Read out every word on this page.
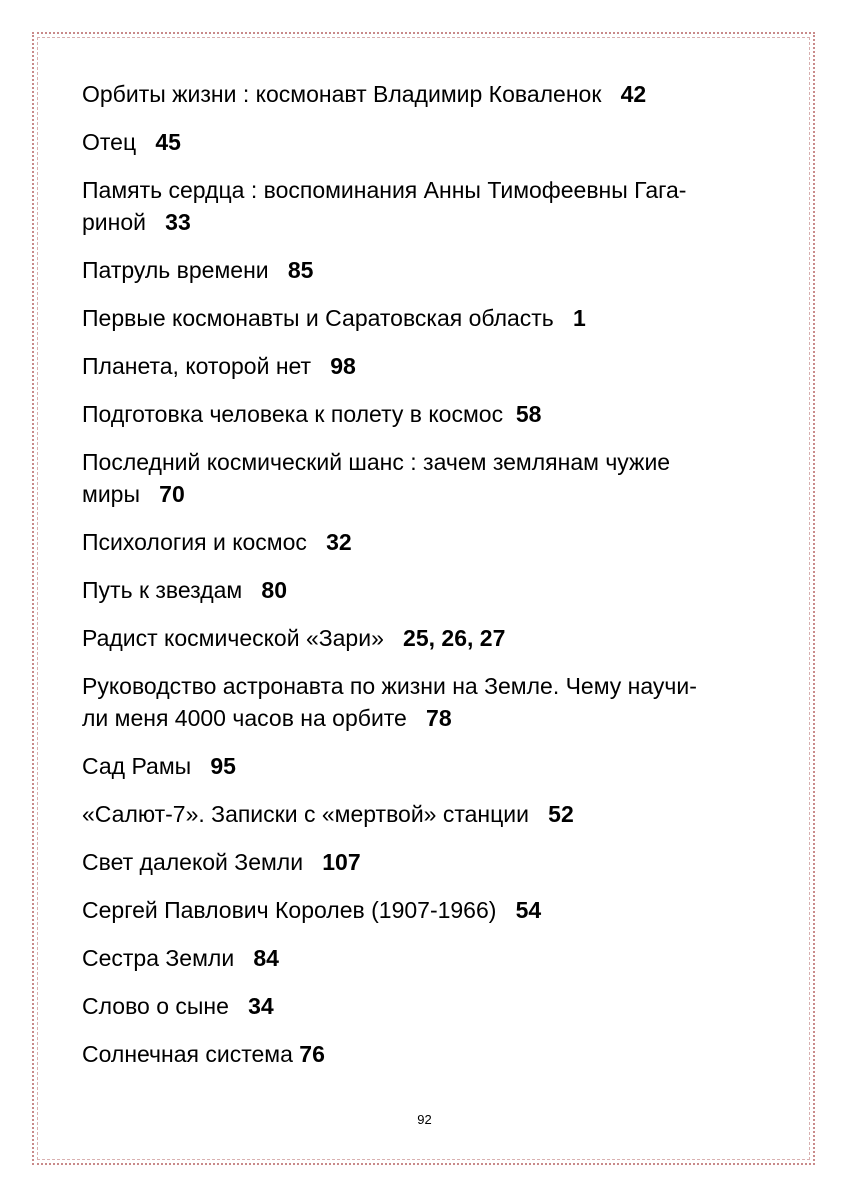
Орбиты жизни : космонавт Владимир Коваленок 42
Отец 45
Память сердца : воспоминания Анны Тимофеевны Гага-
риной 33
Патруль времени 85
Первые космонавты и Саратовская область 1
Планета, которой нет 98
Подготовка человека к полету в космос 58
Последний космический шанс : зачем землянам чужие
миры 70
Психология и космос 32
Путь к звездам 80
Радист космической «Зари» 25, 26, 27
Руководство астронавта по жизни на Земле. Чему научи-
ли меня 4000 часов на орбите 78
Сад Рамы 95
«Салют-7». Записки с «мертвой» станции 52
Свет далекой Земли 107
Сергей Павлович Королев (1907-1966) 54
Сестра Земли 84
Слово о сыне 34
Солнечная система 76
92
